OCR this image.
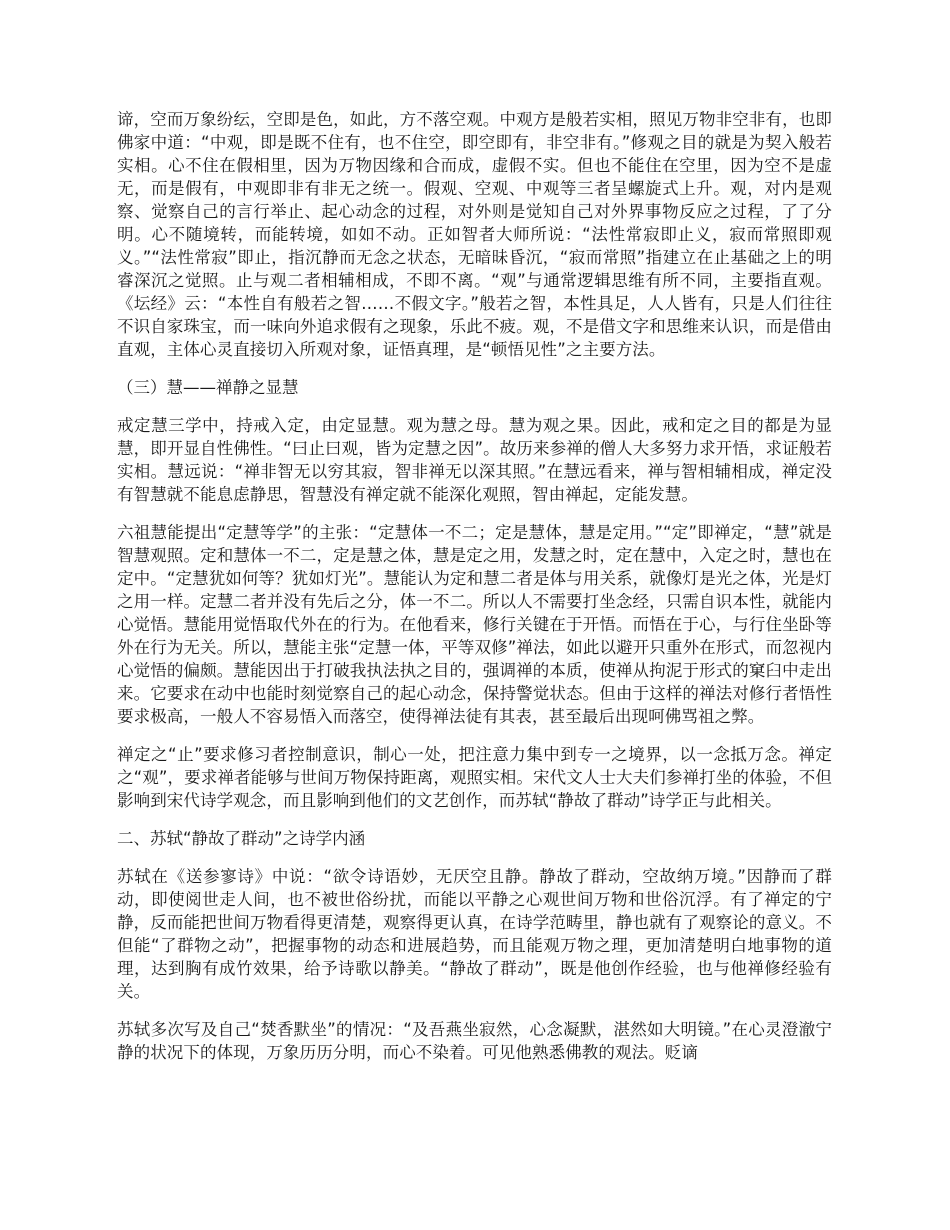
谛，空而万象纷纭，空即是色，如此，方不落空观。中观方是般若实相，照见万物非空非有，也即佛家中道：“中观，即是既不住有，也不住空，即空即有，非空非有。”修观之目的就是为契入般若实相。心不住在假相里，因为万物因缘和合而成，虚假不实。但也不能住在空里，因为空不是虚无，而是假有，中观即非有非无之统一。假观、空观、中观等三者呈螺旋式上升。观，对内是观察、觉察自己的言行举止、起心动念的过程，对外则是觉知自己对外界事物反应之过程，了了分明。心不随境转，而能转境，如如不动。正如智者大师所说：“法性常寂即止义，寂而常照即观义。”“法性常寂”即止，指沉静而无念之状态，无暗昧昏沉，“寂而常照”指建立在止基础之上的明睿深沉之觉照。止与观二者相辅相成，不即不离。“观”与通常逻辑思维有所不同，主要指直观。《坛经》云：“本性自有般若之智……不假文字。”般若之智，本性具足，人人皆有，只是人们往往不识自家珠宝，而一味向外追求假有之现象，乐此不疲。观，不是借文字和思维来认识，而是借由直观，主体心灵直接切入所观对象，证悟真理，是“顿悟见性”之主要方法。

（三）慧——禅静之显慧

戒定慧三学中，持戒入定，由定显慧。观为慧之母。慧为观之果。因此，戒和定之目的都是为显慧，即开显自性佛性。“曰止曰观，皆为定慧之因”。故历来参禅的僧人大多努力求开悟，求证般若实相。慧远说：“禅非智无以穷其寂，智非禅无以深其照。”在慧远看来，禅与智相辅相成，禅定没有智慧就不能息虑静思，智慧没有禅定就不能深化观照，智由禅起，定能发慧。

六祖慧能提出“定慧等学”的主张：“定慧体一不二；定是慧体，慧是定用。”“定”即禅定，“慧”就是智慧观照。定和慧体一不二，定是慧之体，慧是定之用，发慧之时，定在慧中，入定之时，慧也在定中。“定慧犹如何等？犹如灯光”。慧能认为定和慧二者是体与用关系，就像灯是光之体，光是灯之用一样。定慧二者并没有先后之分，体一不二。所以人不需要打坐念经，只需自识本性，就能内心觉悟。慧能用觉悟取代外在的行为。在他看来，修行关键在于开悟。而悟在于心，与行住坐卧等外在行为无关。所以，慧能主张“定慧一体，平等双修”禅法，如此以避开只重外在形式，而忽视内心觉悟的偏颇。慧能因出于打破我执法执之目的，强调禅的本质，使禅从拘泥于形式的窠臼中走出来。它要求在动中也能时刻觉察自己的起心动念，保持警觉状态。但由于这样的禅法对修行者悟性要求极高，一般人不容易悟入而落空，使得禅法徒有其表，甚至最后出现呵佛骂祖之弊。

禅定之“止”要求修习者控制意识，制心一处，把注意力集中到专一之境界，以一念抵万念。禅定之“观”，要求禅者能够与世间万物保持距离，观照实相。宋代文人士大夫们参禅打坐的体验，不但影响到宋代诗学观念，而且影响到他们的文艺创作，而苏轼“静故了群动”诗学正与此相关。

二、苏轼“静故了群动”之诗学内涵

苏轼在《送参寥诗》中说：“欲令诗语妙，无厌空且静。静故了群动，空故纳万境。”因静而了群动，即使阅世走人间，也不被世俗纷扰，而能以平静之心观世间万物和世俗沉浮。有了禅定的宁静，反而能把世间万物看得更清楚，观察得更认真，在诗学范畴里，静也就有了观察论的意义。不但能“了群物之动”，把握事物的动态和进展趋势，而且能观万物之理，更加清楚明白地事物的道理，达到胸有成竹效果，给予诗歌以静美。“静故了群动”，既是他创作经验，也与他禅修经验有关。

苏轼多次写及自己“焚香默坐”的情况：“及吾燕坐寂然，心念凝默，湛然如大明镜。”在心灵澄澈宁静的状况下的体现，万象历历分明，而心不染着。可见他熟悉佛教的观法。贬谪
